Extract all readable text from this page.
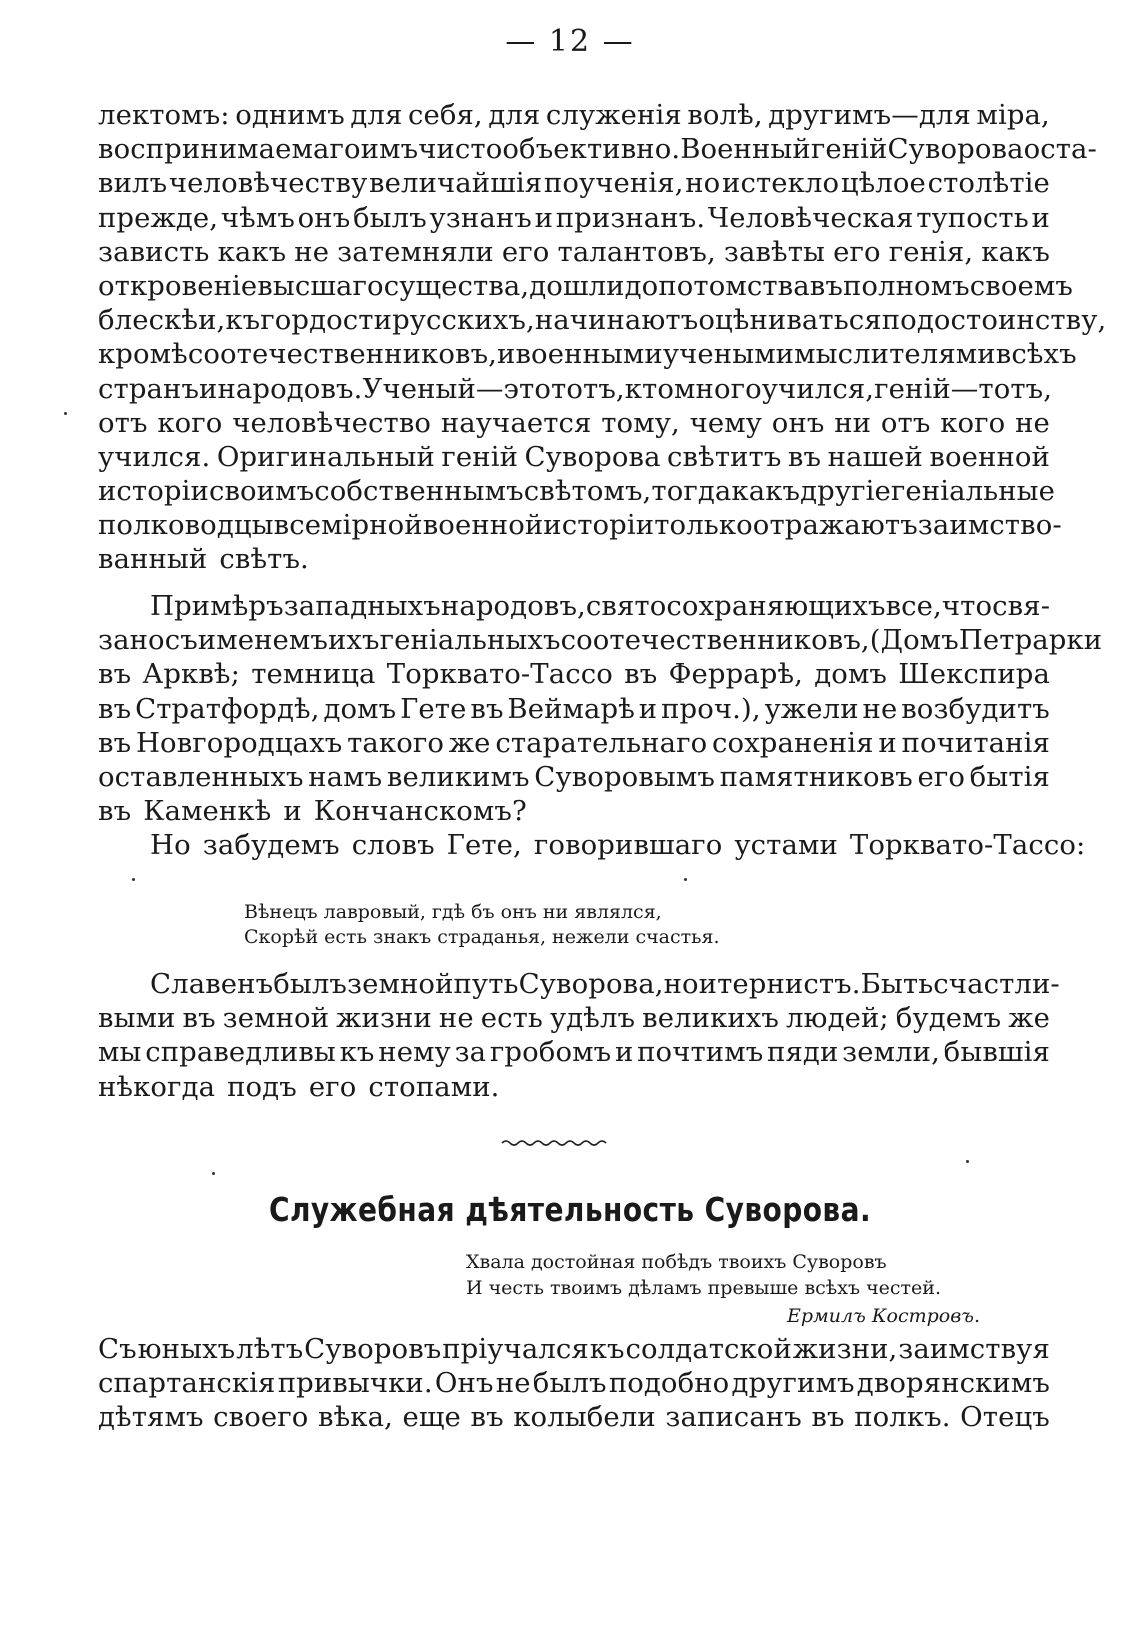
— 12 —
лектомъ: однимъ для себя, для служенія волѣ, другимъ—для міра,
воспринимаемаго имъ чисто объективно. Военный геній Суворова оста-
вилъ человѣчеству величайшія поученія, но истекло цѣлое столѣтіе
прежде, чѣмъ онъ былъ узнанъ и признанъ. Человѣческая тупость и
зависть какъ не затемняли его талантовъ, завѣты его генія, какъ
откровеніе высшаго существа, дошли до потомства въ полномъ своемъ
блескѣ и, къ гордости русскихъ, начинаютъ оцѣниваться по достоинству,
кромѣ соотечественниковъ, и военными учеными мыслителями всѣхъ
странъ и народовъ. Ученый—это тотъ, кто много учился, геній—тотъ,
отъ кого человѣчество научается тому, чему онъ ни отъ кого не
учился. Оригинальный геній Суворова свѣтитъ въ нашей военной
исторіи своимъ собственнымъ свѣтомъ, тогда какъ другіе геніальные
полководцы всемірной военной исторіи только отражаютъ заимство-
ванный свѣтъ.
Примѣръ западныхъ народовъ, свято сохраняющихъ все, что свя-
зано съ именемъ ихъ геніальныхъ соотечественниковъ, (Домъ Петрарки
въ Арквѣ; темница Торквато-Тассо въ Феррарѣ, домъ Шекспира
въ Стратфордѣ, домъ Гете въ Веймарѣ и проч.), ужели не возбудитъ
въ Новгородцахъ такого же старательнаго сохраненія и почитанія
оставленныхъ намъ великимъ Суворовымъ памятниковъ его бытія
въ Каменкѣ и Кончанскомъ?
Но забудемъ словъ Гете, говорившаго устами Торквато-Тассо:
Вѣнецъ лавровый, гдѣ бъ онъ ни являлся,
Скорѣй есть знакъ страданья, нежели счастья.
Славенъ былъ земной путь Суворова, но и тернистъ. Быть счастли-
выми въ земной жизни не есть удѣлъ великихъ людей; будемъ же
мы справедливы къ нему за гробомъ и почтимъ пяди земли, бывшія
нѣкогда подъ его стопами.
Служебная дѣятельность Суворова.
Хвала достойная побѣдъ твоихъ Суворовъ
И честь твоимъ дѣламъ превыше всѣхъ честей.
Ермилъ Костровъ.
Съ юныхъ лѣтъ Суворовъ пріучался къ солдатской жизни, заимствуя
спартанскія привычки. Онъ не былъ подобно другимъ дворянскимъ
дѣтямъ своего вѣка, еще въ колыбели записанъ въ полкъ. Отецъ
